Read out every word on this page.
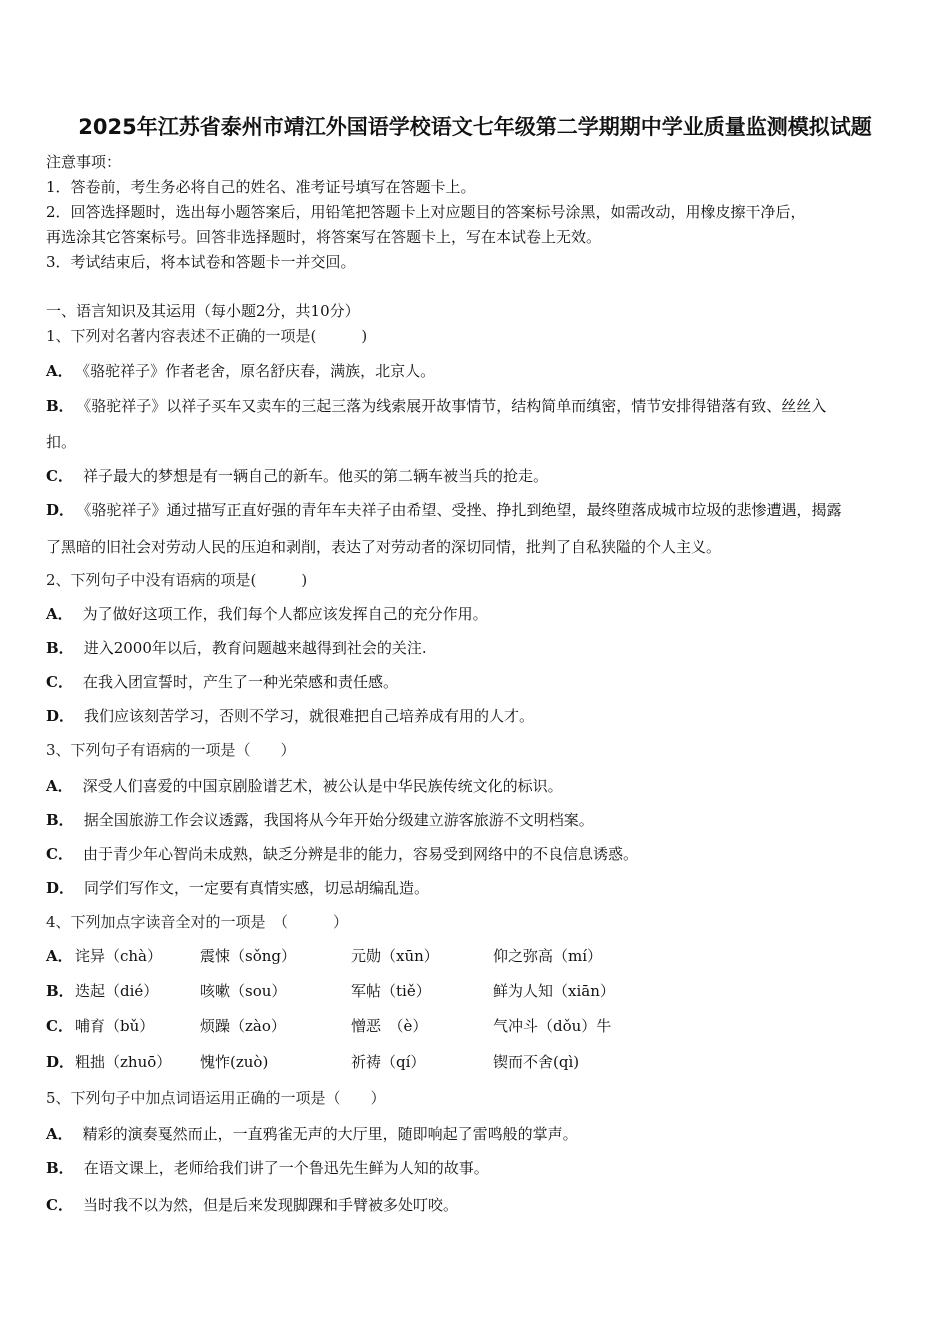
2025年江苏省泰州市靖江外国语学校语文七年级第二学期期中学业质量监测模拟试题
注意事项：
1．答卷前，考生务必将自己的姓名、准考证号填写在答题卡上。
2．回答选择题时，选出每小题答案后，用铅笔把答题卡上对应题目的答案标号涂黑，如需改动，用橡皮擦干净后，
再选涂其它答案标号。回答非选择题时，将答案写在答题卡上，写在本试卷上无效。
3．考试结束后，将本试卷和答题卡一并交回。
一、语言知识及其运用（每小题2分，共10分）
1、下列对名著内容表述不正确的一项是(　　　)
A． 《骆驼祥子》作者老舍，原名舒庆春，满族，北京人。
B． 《骆驼祥子》以祥子买车又卖车的三起三落为线索展开故事情节，结构简单而缜密，情节安排得错落有致、丝丝入
扣。
C． 祥子最大的梦想是有一辆自己的新车。他买的第二辆车被当兵的抢走。
D． 《骆驼祥子》通过描写正直好强的青年车夫祥子由希望、受挫、挣扎到绝望，最终堕落成城市垃圾的悲惨遭遇，揭露
了黑暗的旧社会对劳动人民的压迫和剥削，表达了对劳动者的深切同情，批判了自私狭隘的个人主义。
2、下列句子中没有语病的项是(　　　)
A． 为了做好这项工作，我们每个人都应该发挥自己的充分作用。
B． 进入2000年以后，教育问题越来越得到社会的关注.
C． 在我入团宣誓时，产生了一种光荣感和责任感。
D． 我们应该刻苦学习，否则不学习，就很难把自己培养成有用的人才。
3、下列句子有语病的一项是（　　）
A． 深受人们喜爱的中国京剧脸谱艺术，被公认是中华民族传统文化的标识。
B． 据全国旅游工作会议透露，我国将从今年开始分级建立游客旅游不文明档案。
C． 由于青少年心智尚未成熟，缺乏分辨是非的能力，容易受到网络中的不良信息诱惑。
D． 同学们写作文，一定要有真情实感，切忌胡编乱造。
4、下列加点字读音全对的一项是　（　　　）
A． 诧异（chà）	震悚（sǒng）	元勋（xūn）	仰之弥高（mí）
B． 迭起（dié）	咳嗽（sou）	军帖（tiě）	鲜为人知（xiān）
C． 哺育（bǔ）	烦躁（zào）	憎恶　（è）	气冲斗（dǒu）牛
D． 粗拙（zhuō） 愧怍(zuò)	祈祷（qí）	锲而不舍(qì)
5、下列句子中加点词语运用正确的一项是（　　）
A． 精彩的演奏戛然而止，一直鸦雀无声的大厅里，随即响起了雷鸣般的掌声。
B． 在语文课上，老师给我们讲了一个鲁迅先生鲜为人知的故事。
C． 当时我不以为然，但是后来发现脚踝和手臂被多处叮咬。
